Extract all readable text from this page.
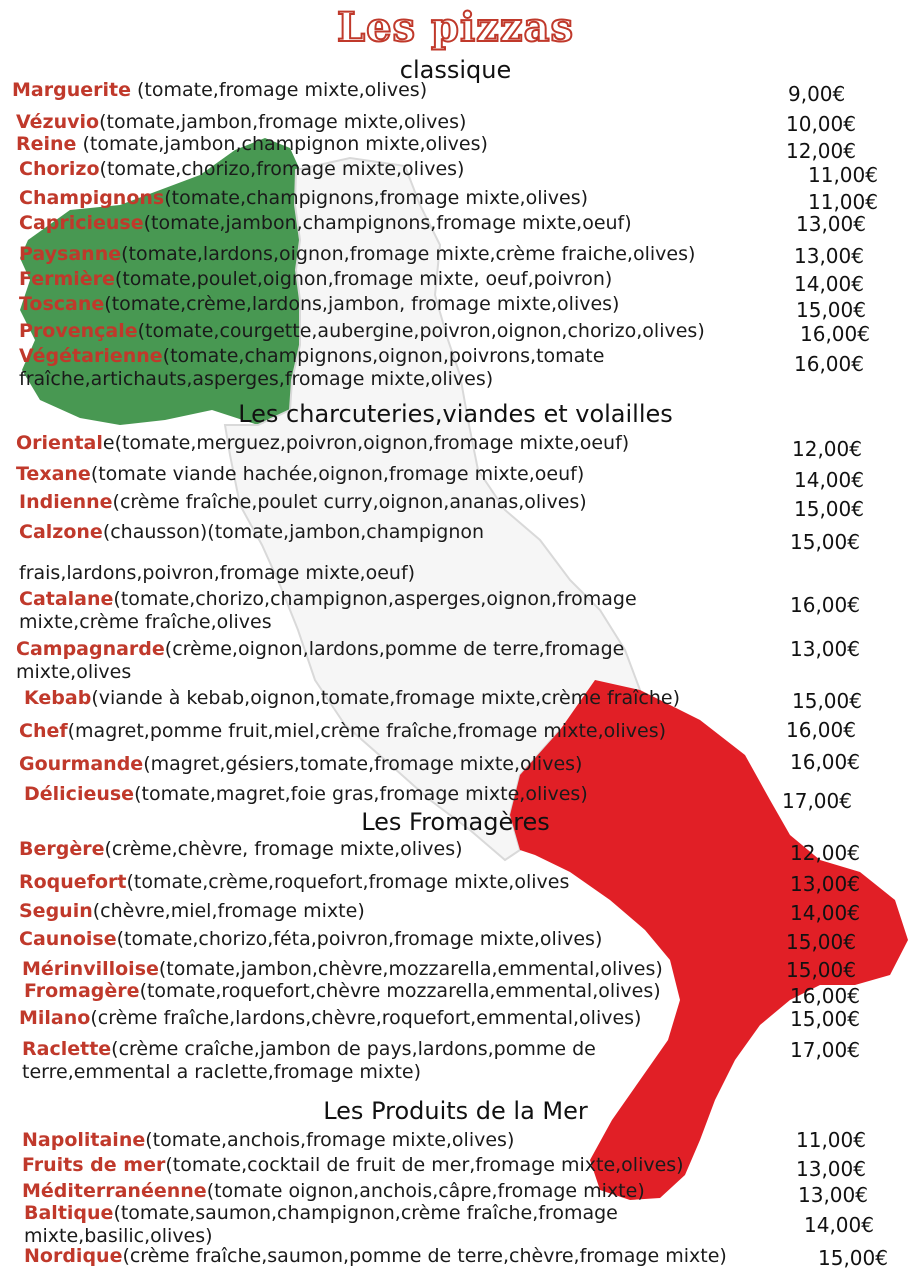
Les pizzas
classique
Marguerite (tomate,fromage mixte,olives)	9,00€
Vézuvio(tomate,jambon,fromage mixte,olives)	10,00€
Reine (tomate,jambon,champignon mixte,olives)	12,00€
Chorizo(tomate,chorizo,fromage mixte,olives)	11,00€
Champignons(tomate,champignons,fromage mixte,olives)	11,00€
Capricieuse(tomate,jambon,champignons,fromage mixte,oeuf)	13,00€
Paysanne(tomate,lardons,oignon,fromage mixte,crème fraiche,olives)	13,00€
Fermière(tomate,poulet,oignon,fromage mixte, oeuf,poivron)	14,00€
Toscane(tomate,crème,lardons,jambon, fromage mixte,olives)	15,00€
Provençale(tomate,courgette,aubergine,poivron,oignon,chorizo,olives)	16,00€
Végétarienne(tomate,champignons,oignon,poivrons,tomate
fraîche,artichauts,asperges,fromage mixte,olives)
16,00€
Les charcuteries,viandes et volailles
Orientale(tomate,merguez,poivron,oignon,fromage mixte,oeuf)	12,00€
Texane(tomate viande hachée,oignon,fromage mixte,oeuf)	14,00€
Indienne(crème fraîche,poulet curry,oignon,ananas,olives)	15,00€
Calzone(chausson)(tomate,jambon,champignon
frais,lardons,poivron,fromage mixte,oeuf)
15,00€
Catalane(tomate,chorizo,champignon,asperges,oignon,fromage
mixte,crème fraîche,olives
16,00€
Campagnarde(crème,oignon,lardons,pomme de terre,fromage
mixte,olives
13,00€
Kebab(viande à kebab,oignon,tomate,fromage mixte,crème fraîche)	15,00€
Chef(magret,pomme fruit,miel,crème fraîche,fromage mixte,olives)	16,00€
Gourmande(magret,gésiers,tomate,fromage mixte,olives)	16,00€
Délicieuse(tomate,magret,foie gras,fromage mixte,olives)	17,00€
Les Fromagères
Bergère(crème,chèvre, fromage mixte,olives)	12,00€
Roquefort(tomate,crème,roquefort,fromage mixte,olives	13,00€
Seguin(chèvre,miel,fromage mixte)	14,00€
Caunoise(tomate,chorizo,féta,poivron,fromage mixte,olives)	15,00€
Mérinvilloise(tomate,jambon,chèvre,mozzarella,emmental,olives)	15,00€
Fromagère(tomate,roquefort,chèvre mozzarella,emmental,olives)	16,00€
Milano(crème fraîche,lardons,chèvre,roquefort,emmental,olives)	15,00€
Raclette(crème craîche,jambon de pays,lardons,pomme de
terre,emmental a raclette,fromage mixte)
17,00€
Les Produits de la Mer
Napolitaine(tomate,anchois,fromage mixte,olives)	11,00€
Fruits de mer(tomate,cocktail de fruit de mer,fromage mixte,olives)	13,00€
Méditerranéenne(tomate oignon,anchois,câpre,fromage mixte)	13,00€
Baltique(tomate,saumon,champignon,crème fraîche,fromage
mixte,basilic,olives)	14,00€
Nordique(crème fraîche,saumon,pomme de terre,chèvre,fromage mixte)	15,00€
